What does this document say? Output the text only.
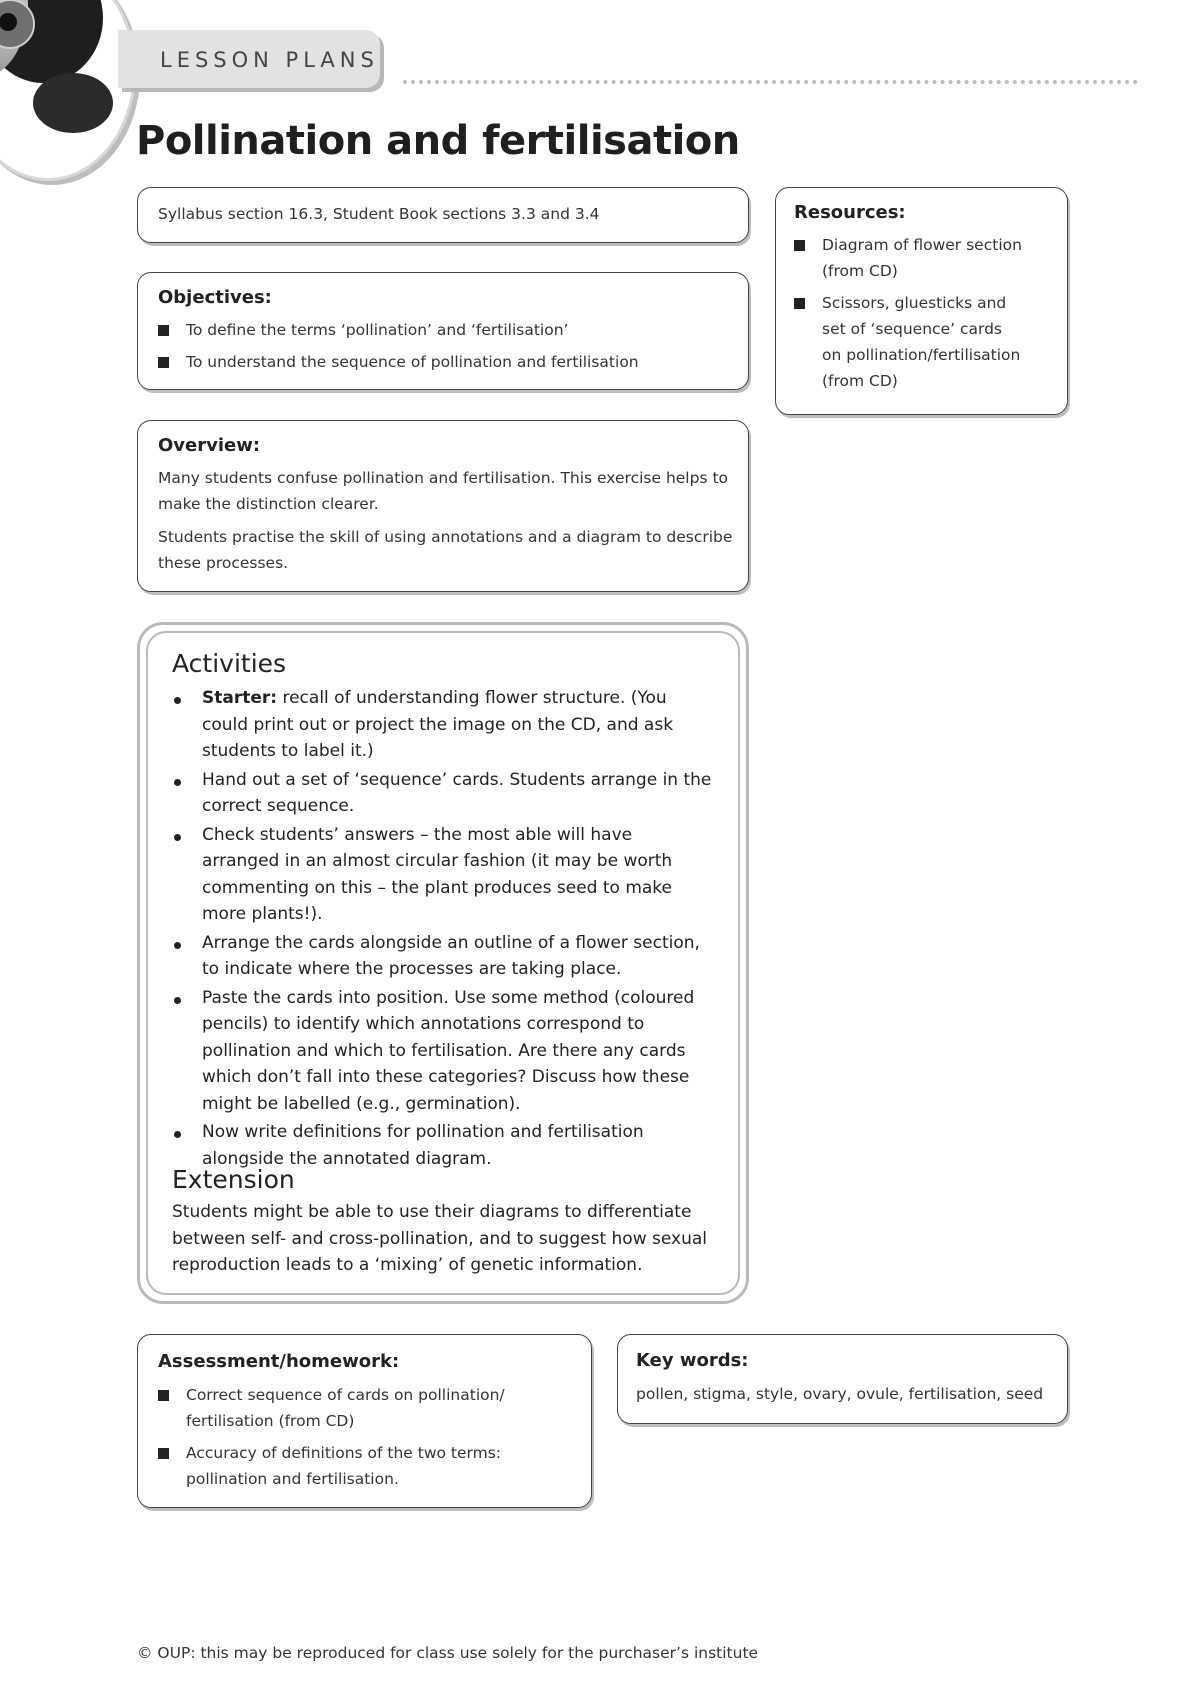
LESSON PLANS
Pollination and fertilisation
Syllabus section 16.3, Student Book sections 3.3 and 3.4
Objectives:
To define the terms ‘pollination’ and ‘fertilisation’
To understand the sequence of pollination and fertilisation
Overview:
Many students confuse pollination and fertilisation. This exercise helps to make the distinction clearer.
Students practise the skill of using annotations and a diagram to describe these processes.
Resources:
Diagram of flower section (from CD)
Scissors, gluesticks and set of ‘sequence’ cards on pollination/fertilisation (from CD)
Activities
Starter: recall of understanding flower structure. (You could print out or project the image on the CD, and ask students to label it.)
Hand out a set of ‘sequence’ cards. Students arrange in the correct sequence.
Check students’ answers – the most able will have arranged in an almost circular fashion (it may be worth commenting on this – the plant produces seed to make more plants!).
Arrange the cards alongside an outline of a flower section, to indicate where the processes are taking place.
Paste the cards into position. Use some method (coloured pencils) to identify which annotations correspond to pollination and which to fertilisation. Are there any cards which don’t fall into these categories? Discuss how these might be labelled (e.g., germination).
Now write definitions for pollination and fertilisation alongside the annotated diagram.
Extension
Students might be able to use their diagrams to differentiate between self- and cross-pollination, and to suggest how sexual reproduction leads to a ‘mixing’ of genetic information.
Assessment/homework:
Correct sequence of cards on pollination/ fertilisation (from CD)
Accuracy of definitions of the two terms: pollination and fertilisation.
Key words:
pollen, stigma, style, ovary, ovule, fertilisation, seed
© OUP: this may be reproduced for class use solely for the purchaser’s institute
